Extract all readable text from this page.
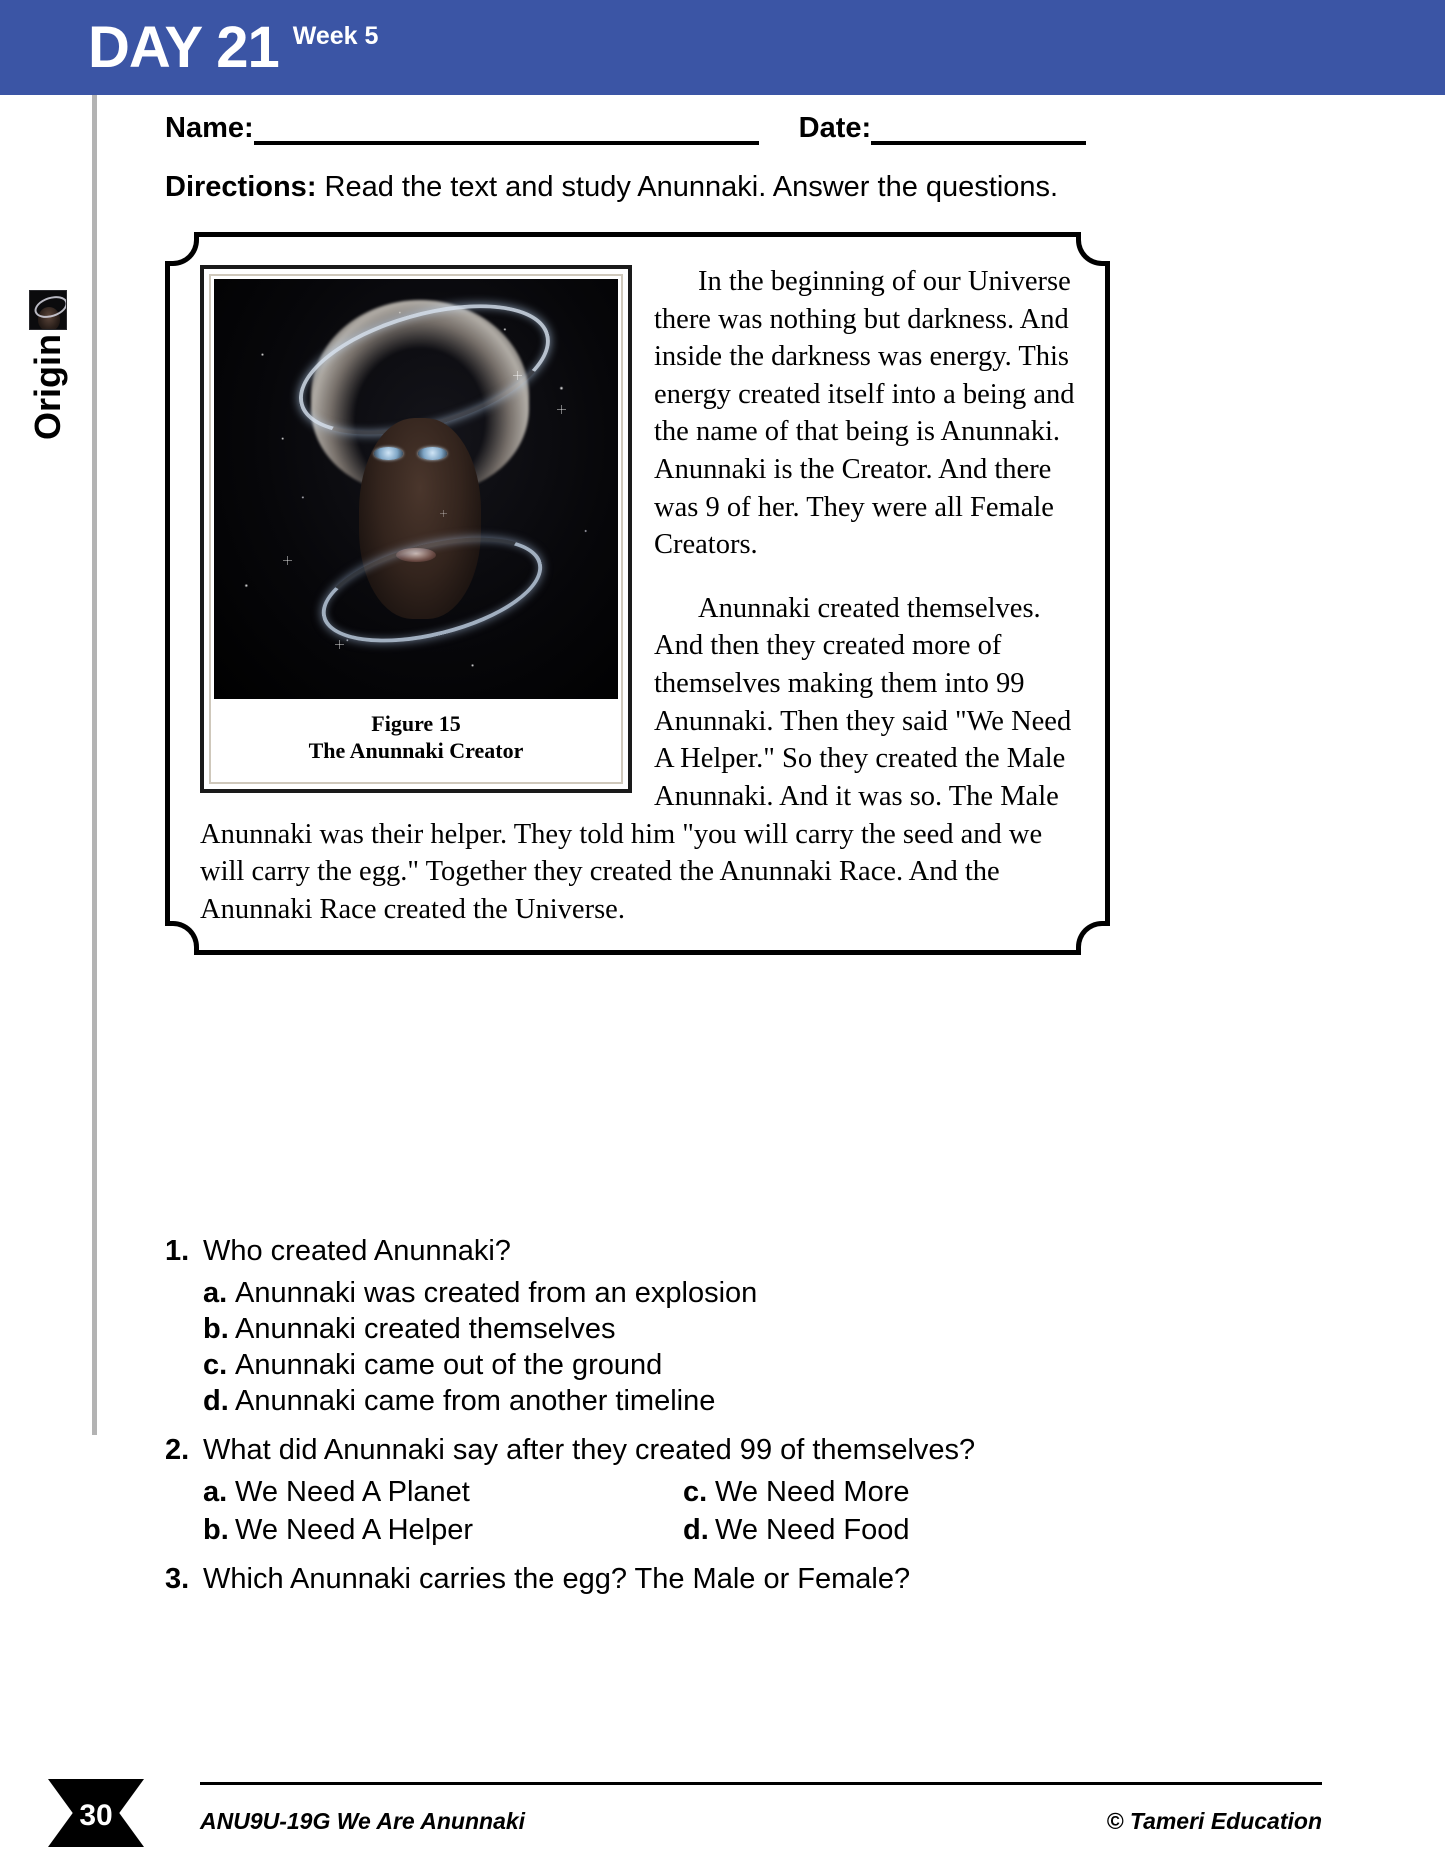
DAY 21 Week 5
Origin
Name:	Date:
Directions: Read the text and study Anunnaki. Answer the questions.
Figure 15
The Anunnaki Creator

In the beginning of our Universe there was nothing but darkness. And inside the darkness was energy. This energy created itself into a being and the name of that being is Anunnaki. Anunnaki is the Creator. And there was 9 of her. They were all Female Creators.

Anunnaki created themselves. And then they created more of themselves making them into 99 Anunnaki. Then they said "We Need A Helper." So they created the Male Anunnaki. And it was so. The Male Anunnaki was their helper. They told him "you will carry the seed and we will carry the egg." Together they created the Anunnaki Race. And the Anunnaki Race created the Universe.

1. Who created Anunnaki?
a. Anunnaki was created from an explosion
b. Anunnaki created themselves
c. Anunnaki came out of the ground
d. Anunnaki came from another timeline
2. What did Anunnaki say after they created 99 of themselves?
a. We Need A Planet	c. We Need More
b. We Need A Helper	d. We Need Food
3. Which Anunnaki carries the egg? The Male or Female?
30	ANU9U-19G We Are Anunnaki	© Tameri Education
